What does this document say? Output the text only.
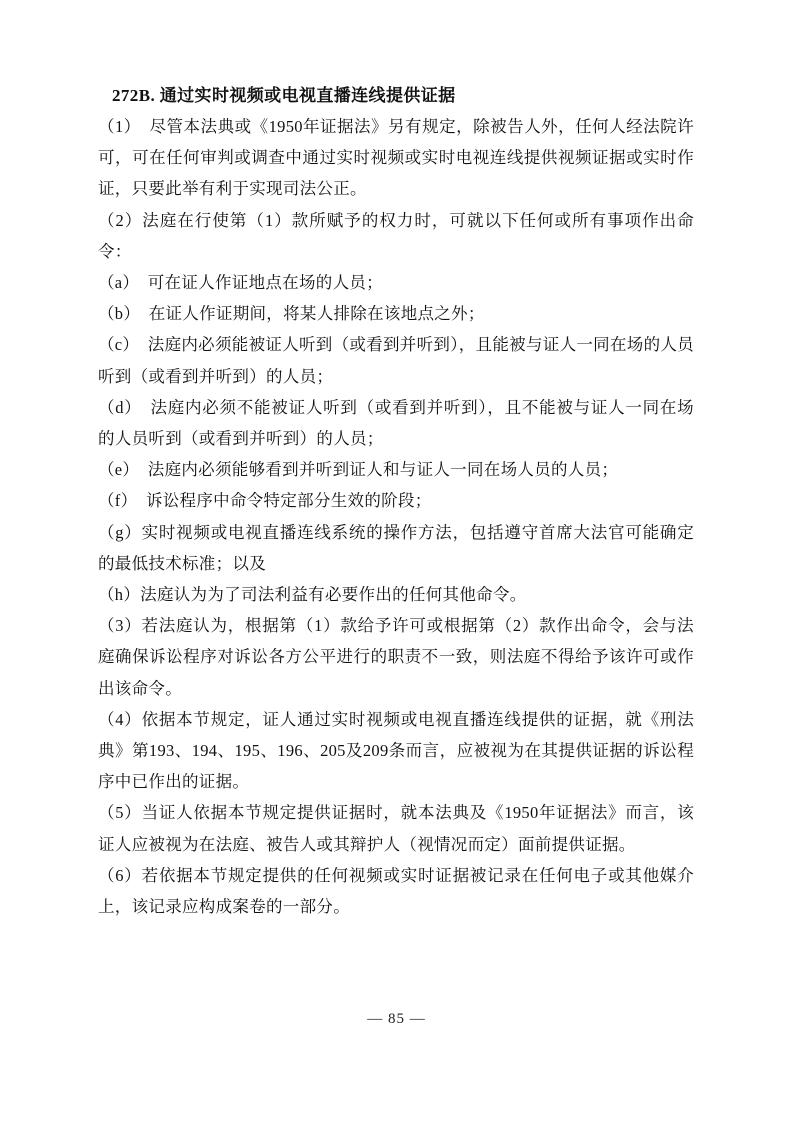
272B. 通过实时视频或电视直播连线提供证据

（1）　尽管本法典或《1950年证据法》另有规定，除被告人外，任何人经法院许可，可在任何审判或调查中通过实时视频或实时电视连线提供视频证据或实时作证，只要此举有利于实现司法公正。

（2）法庭在行使第（1）款所赋予的权力时，可就以下任何或所有事项作出命令：

（a）　可在证人作证地点在场的人员；

（b）　在证人作证期间，将某人排除在该地点之外；

（c）　法庭内必须能被证人听到（或看到并听到），且能被与证人一同在场的人员听到（或看到并听到）的人员；

（d）　法庭内必须不能被证人听到（或看到并听到），且不能被与证人一同在场的人员听到（或看到并听到）的人员；

（e）　法庭内必须能够看到并听到证人和与证人一同在场人员的人员；

（f）　诉讼程序中命令特定部分生效的阶段；

（g）实时视频或电视直播连线系统的操作方法，包括遵守首席大法官可能确定的最低技术标准；以及

（h）法庭认为为了司法利益有必要作出的任何其他命令。

（3）若法庭认为，根据第（1）款给予许可或根据第（2）款作出命令，会与法庭确保诉讼程序对诉讼各方公平进行的职责不一致，则法庭不得给予该许可或作出该命令。

（4）依据本节规定，证人通过实时视频或电视直播连线提供的证据，就《刑法典》第193、194、195、196、205及209条而言，应被视为在其提供证据的诉讼程序中已作出的证据。

（5）当证人依据本节规定提供证据时，就本法典及《1950年证据法》而言，该证人应被视为在法庭、被告人或其辩护人（视情况而定）面前提供证据。

（6）若依据本节规定提供的任何视频或实时证据被记录在任何电子或其他媒介上，该记录应构成案卷的一部分。

— 85 —
